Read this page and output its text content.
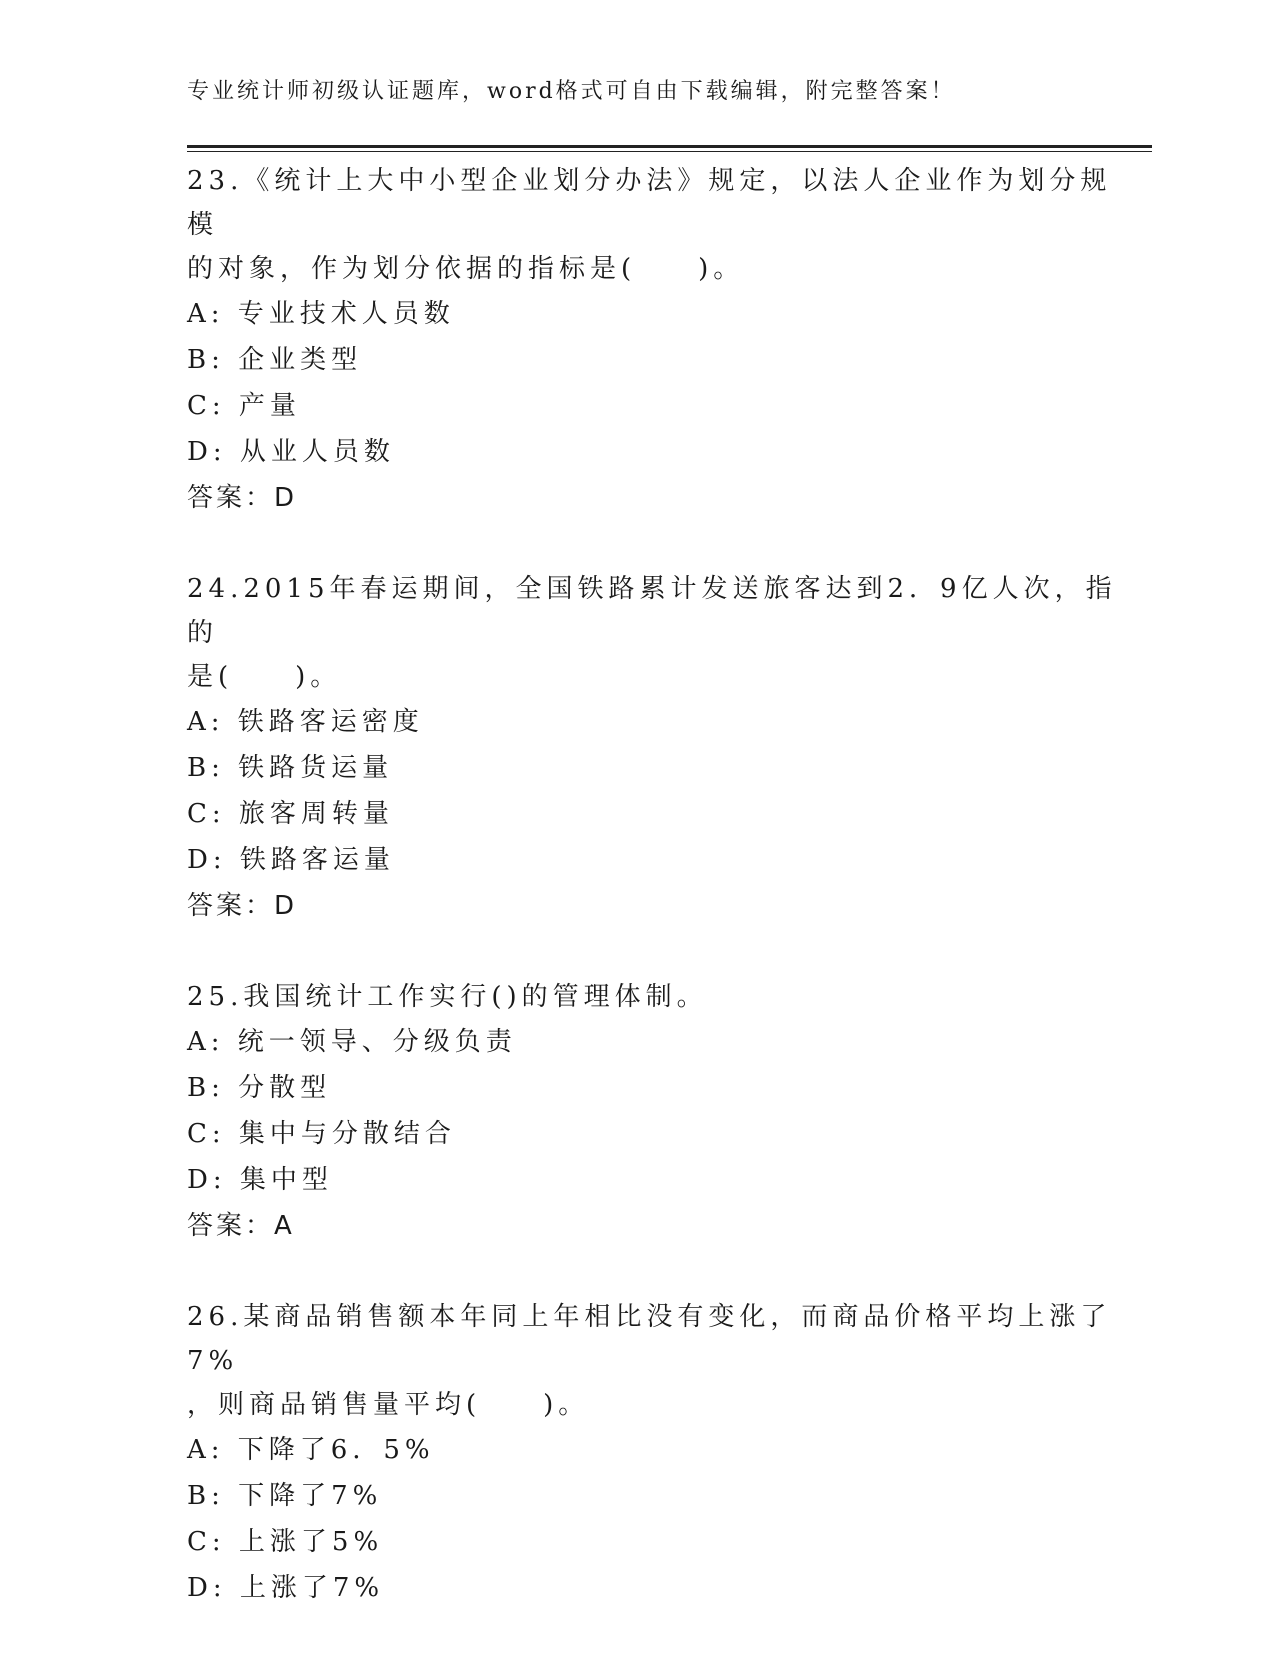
专业统计师初级认证题库，word格式可自由下载编辑，附完整答案！
23.《统计上大中小型企业划分办法》规定，以法人企业作为划分规模
的对象，作为划分依据的指标是(　　)。
A: 专业技术人员数
B: 企业类型
C: 产量
D: 从业人员数
答案：D
24.2015年春运期间，全国铁路累计发送旅客达到2．9亿人次，指的
是(　　)。
A: 铁路客运密度
B: 铁路货运量
C: 旅客周转量
D: 铁路客运量
答案：D
25.我国统计工作实行()的管理体制。
A: 统一领导、分级负责
B: 分散型
C: 集中与分散结合
D: 集中型
答案：A
26.某商品销售额本年同上年相比没有变化，而商品价格平均上涨了7%
，则商品销售量平均(　　)。
A: 下降了6．5%
B: 下降了7%
C: 上涨了5%
D: 上涨了7%
